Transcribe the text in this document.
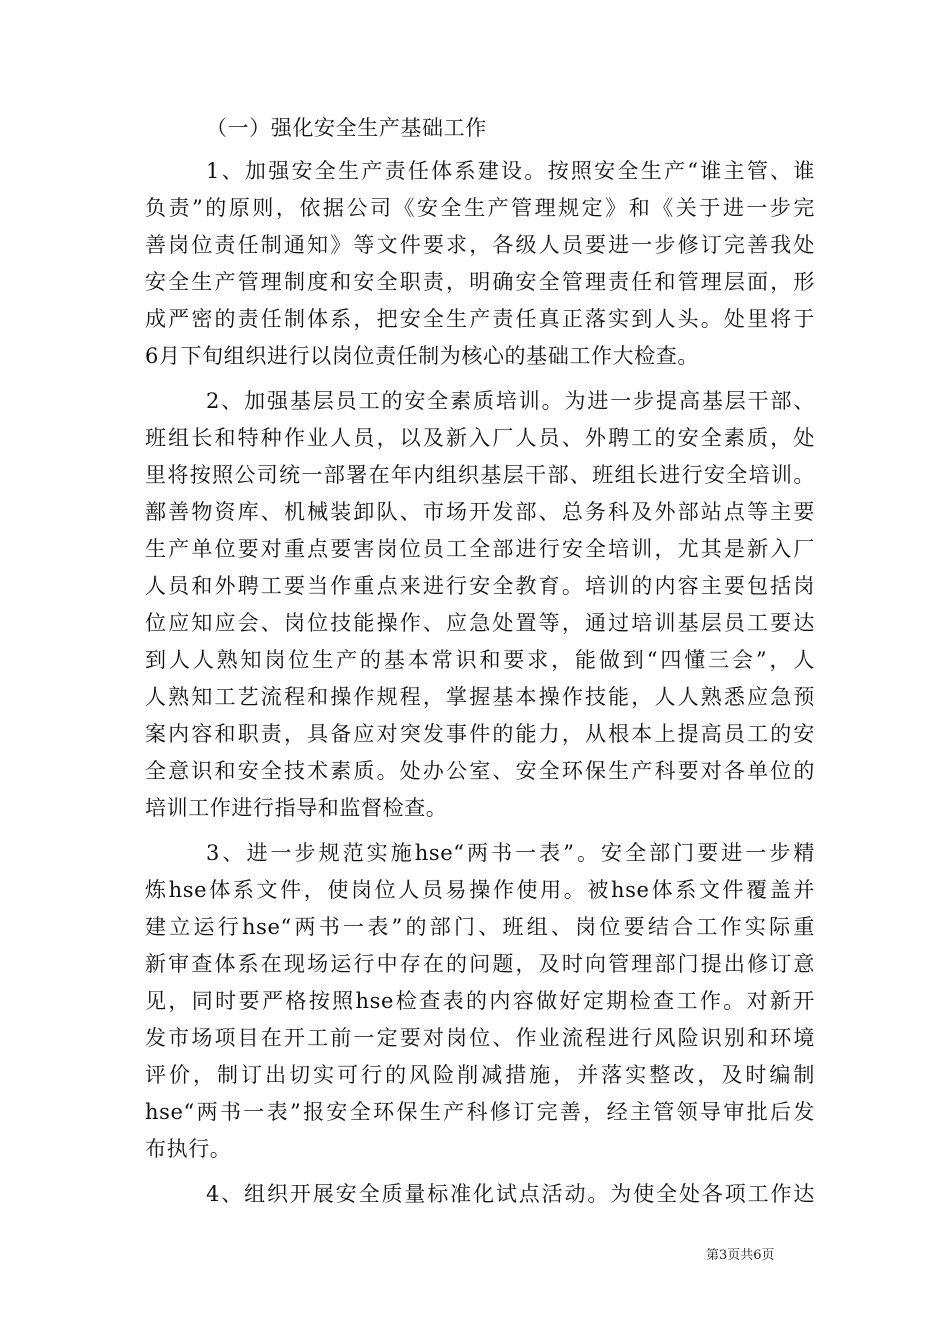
（一）强化安全生产基础工作
1、加强安全生产责任体系建设。按照安全生产“谁主管、谁
负责”的原则，依据公司《安全生产管理规定》和《关于进一步完
善岗位责任制通知》等文件要求，各级人员要进一步修订完善我处
安全生产管理制度和安全职责，明确安全管理责任和管理层面，形
成严密的责任制体系，把安全生产责任真正落实到人头。处里将于
6月下旬组织进行以岗位责任制为核心的基础工作大检查。
2、加强基层员工的安全素质培训。为进一步提高基层干部、
班组长和特种作业人员，以及新入厂人员、外聘工的安全素质，处
里将按照公司统一部署在年内组织基层干部、班组长进行安全培训。
鄯善物资库、机械装卸队、市场开发部、总务科及外部站点等主要
生产单位要对重点要害岗位员工全部进行安全培训，尤其是新入厂
人员和外聘工要当作重点来进行安全教育。培训的内容主要包括岗
位应知应会、岗位技能操作、应急处置等，通过培训基层员工要达
到人人熟知岗位生产的基本常识和要求，能做到“四懂三会”，人
人熟知工艺流程和操作规程，掌握基本操作技能，人人熟悉应急预
案内容和职责，具备应对突发事件的能力，从根本上提高员工的安
全意识和安全技术素质。处办公室、安全环保生产科要对各单位的
培训工作进行指导和监督检查。
3、进一步规范实施hse“两书一表”。安全部门要进一步精
炼hse体系文件，使岗位人员易操作使用。被hse体系文件覆盖并
建立运行hse“两书一表”的部门、班组、岗位要结合工作实际重
新审查体系在现场运行中存在的问题，及时向管理部门提出修订意
见，同时要严格按照hse检查表的内容做好定期检查工作。对新开
发市场项目在开工前一定要对岗位、作业流程进行风险识别和环境
评价，制订出切实可行的风险削减措施，并落实整改，及时编制
hse“两书一表”报安全环保生产科修订完善，经主管领导审批后发
布执行。
4、组织开展安全质量标准化试点活动。为使全处各项工作达
第3页共6页
